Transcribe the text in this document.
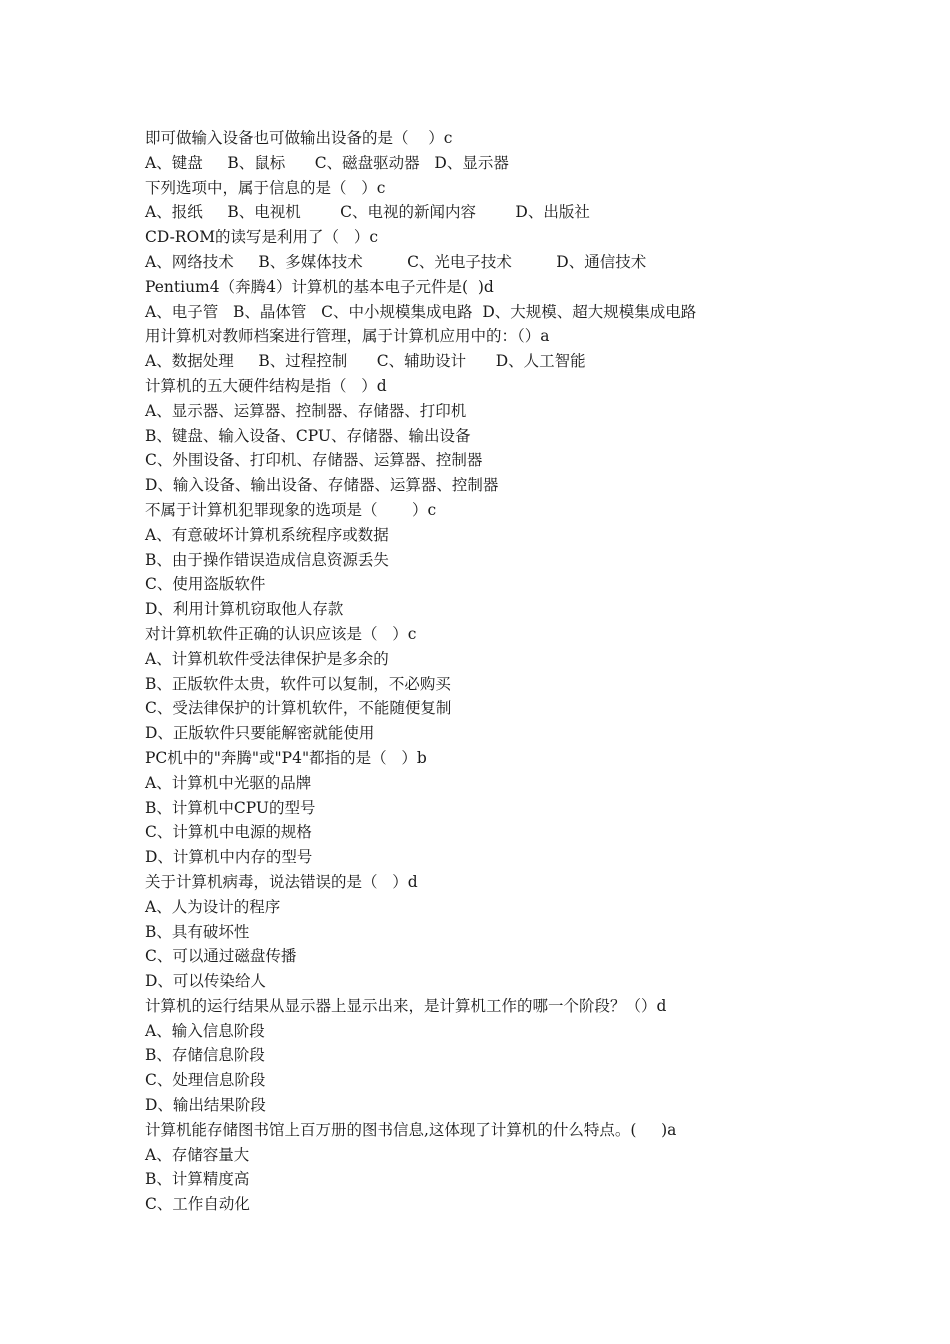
即可做输入设备也可做输出设备的是（    ）c
A、键盘     B、鼠标      C、磁盘驱动器   D、显示器
下列选项中，属于信息的是（   ）c
A、报纸     B、电视机        C、电视的新闻内容        D、出版社
CD-ROM的读写是利用了（   ）c
A、网络技术     B、多媒体技术         C、光电子技术         D、通信技术
Pentium4（奔腾4）计算机的基本电子元件是(  )d
A、电子管   B、晶体管   C、中小规模集成电路  D、大规模、超大规模集成电路
用计算机对教师档案进行管理，属于计算机应用中的：（）a
A、数据处理     B、过程控制      C、辅助设计      D、人工智能
计算机的五大硬件结构是指（   ）d
A、显示器、运算器、控制器、存储器、打印机
B、键盘、输入设备、CPU、存储器、输出设备
C、外围设备、打印机、存储器、运算器、控制器
D、输入设备、输出设备、存储器、运算器、控制器
不属于计算机犯罪现象的选项是（       ）c
A、有意破坏计算机系统程序或数据
B、由于操作错误造成信息资源丢失
C、使用盗版软件
D、利用计算机窃取他人存款
对计算机软件正确的认识应该是（   ）c
A、计算机软件受法律保护是多余的
B、正版软件太贵，软件可以复制，不必购买
C、受法律保护的计算机软件，不能随便复制
D、正版软件只要能解密就能使用
PC机中的"奔腾"或"P4"都指的是（   ）b
A、计算机中光驱的品牌
B、计算机中CPU的型号
C、计算机中电源的规格
D、计算机中内存的型号
关于计算机病毒，说法错误的是（   ）d
A、人为设计的程序
B、具有破坏性
C、可以通过磁盘传播
D、可以传染给人
计算机的运行结果从显示器上显示出来，是计算机工作的哪一个阶段？（）d
A、输入信息阶段
B、存储信息阶段
C、处理信息阶段
D、输出结果阶段
计算机能存储图书馆上百万册的图书信息,这体现了计算机的什么特点。(     )a
A、存储容量大
B、计算精度高
C、工作自动化
